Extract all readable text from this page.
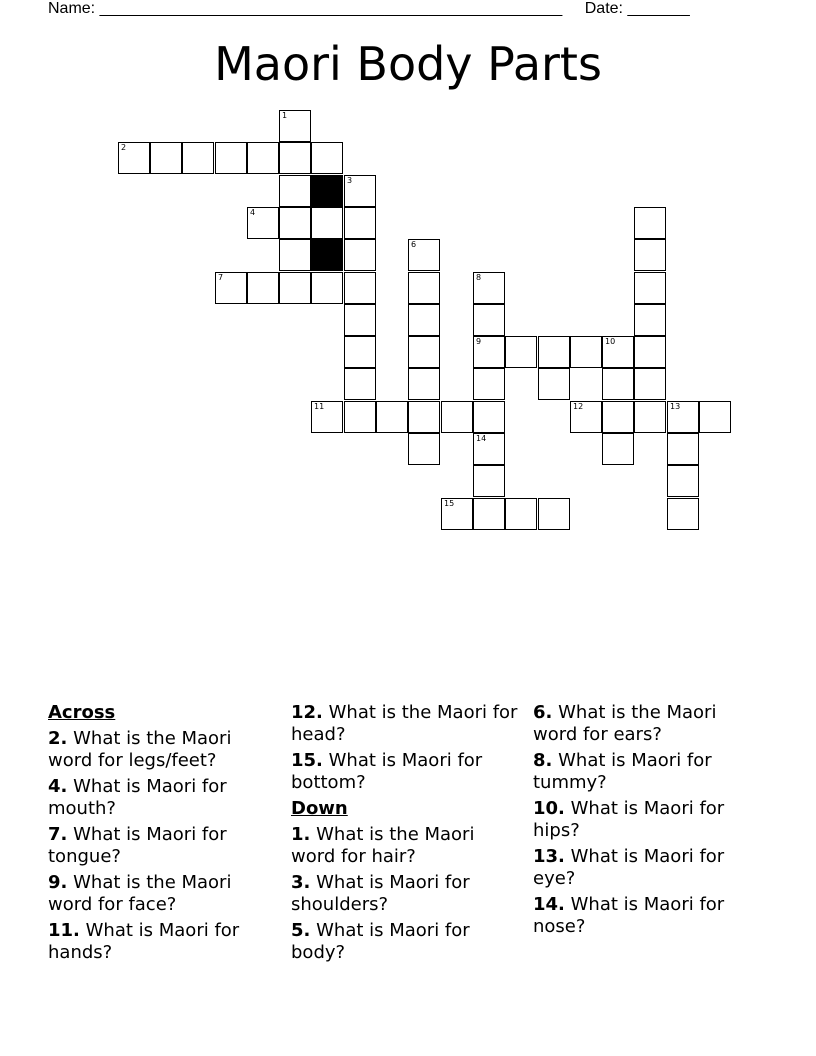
Name: ____________________________________________________ Date: _______
Maori Body Parts
1
2
3
4
6
7	8
9	10
11	12	13
14
15
Across
2. What is the Maori word for legs/feet?
4. What is Maori for mouth?
7. What is Maori for tongue?
9. What is the Maori word for face?
11. What is Maori for hands?
12. What is the Maori for head?
15. What is Maori for bottom?
Down
1. What is the Maori word for hair?
3. What is Maori for shoulders?
5. What is Maori for body?
6. What is the Maori word for ears?
8. What is Maori for tummy?
10. What is Maori for hips?
13. What is Maori for eye?
14. What is Maori for nose?
